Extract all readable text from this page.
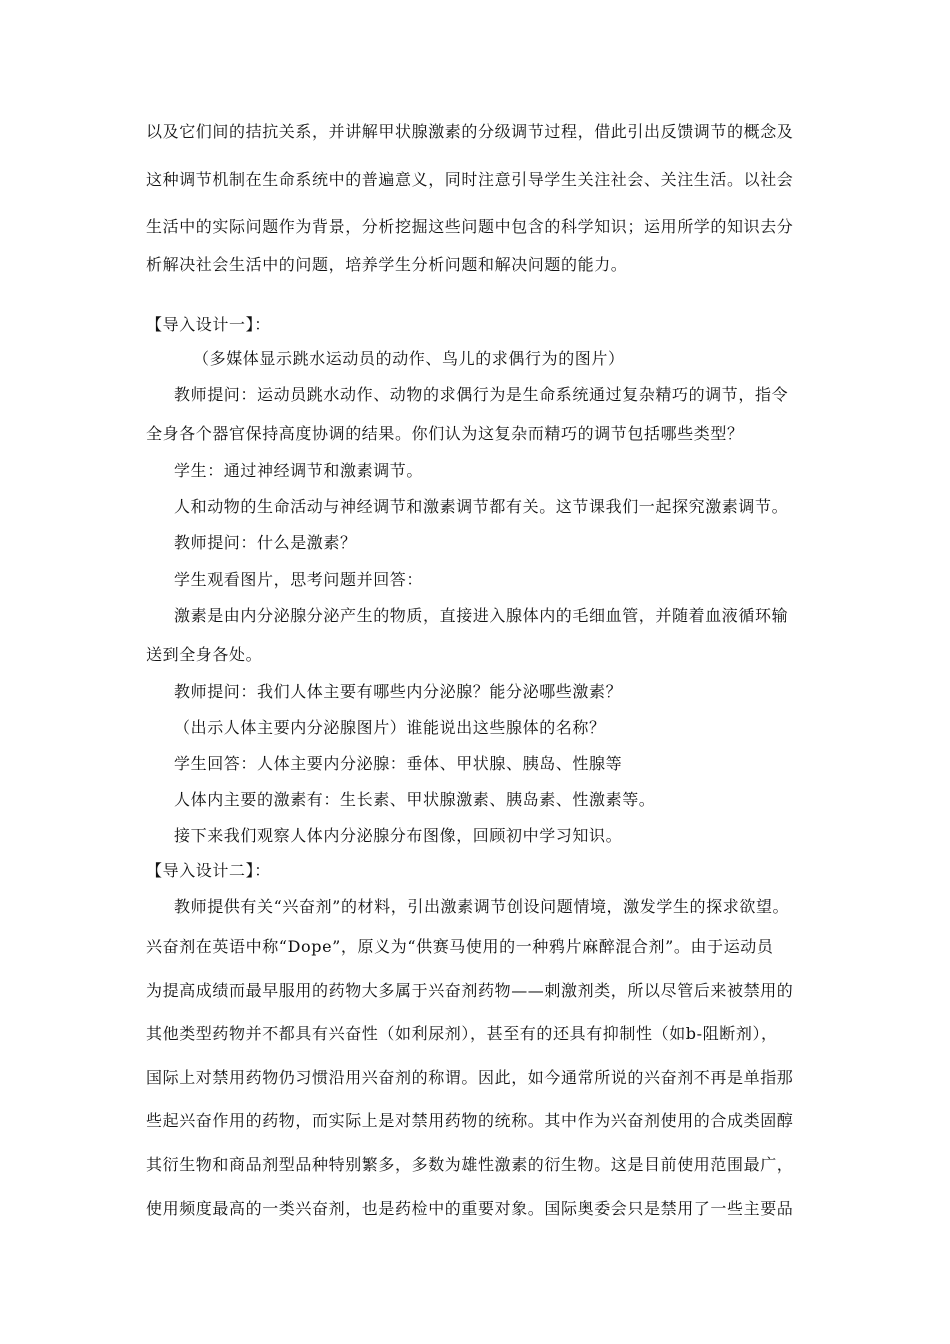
以及它们间的拮抗关系，并讲解甲状腺激素的分级调节过程，借此引出反馈调节的概念及
这种调节机制在生命系统中的普遍意义，同时注意引导学生关注社会、关注生活。以社会
生活中的实际问题作为背景，分析挖掘这些问题中包含的科学知识；运用所学的知识去分
析解决社会生活中的问题，培养学生分析问题和解决问题的能力。
【导入设计一】：
（多媒体显示跳水运动员的动作、鸟儿的求偶行为的图片）
教师提问：运动员跳水动作、动物的求偶行为是生命系统通过复杂精巧的调节，指令
全身各个器官保持高度协调的结果。你们认为这复杂而精巧的调节包括哪些类型？
学生：通过神经调节和激素调节。
人和动物的生命活动与神经调节和激素调节都有关。这节课我们一起探究激素调节。
教师提问：什么是激素？
学生观看图片，思考问题并回答：
激素是由内分泌腺分泌产生的物质，直接进入腺体内的毛细血管，并随着血液循环输
送到全身各处。
教师提问：我们人体主要有哪些内分泌腺？能分泌哪些激素？
（出示人体主要内分泌腺图片）谁能说出这些腺体的名称？
学生回答：人体主要内分泌腺：垂体、甲状腺、胰岛、性腺等
人体内主要的激素有：生长素、甲状腺激素、胰岛素、性激素等。
接下来我们观察人体内分泌腺分布图像，回顾初中学习知识。
【导入设计二】：
教师提供有关“兴奋剂”的材料，引出激素调节创设问题情境，激发学生的探求欲望。
兴奋剂在英语中称“Dope”，原义为“供赛马使用的一种鸦片麻醉混合剂”。由于运动员
为提高成绩而最早服用的药物大多属于兴奋剂药物——刺激剂类，所以尽管后来被禁用的
其他类型药物并不都具有兴奋性（如利尿剂），甚至有的还具有抑制性（如b-阻断剂），
国际上对禁用药物仍习惯沿用兴奋剂的称谓。因此，如今通常所说的兴奋剂不再是单指那
些起兴奋作用的药物，而实际上是对禁用药物的统称。其中作为兴奋剂使用的合成类固醇
其衍生物和商品剂型品种特别繁多，多数为雄性激素的衍生物。这是目前使用范围最广，
使用频度最高的一类兴奋剂，也是药检中的重要对象。国际奥委会只是禁用了一些主要品
